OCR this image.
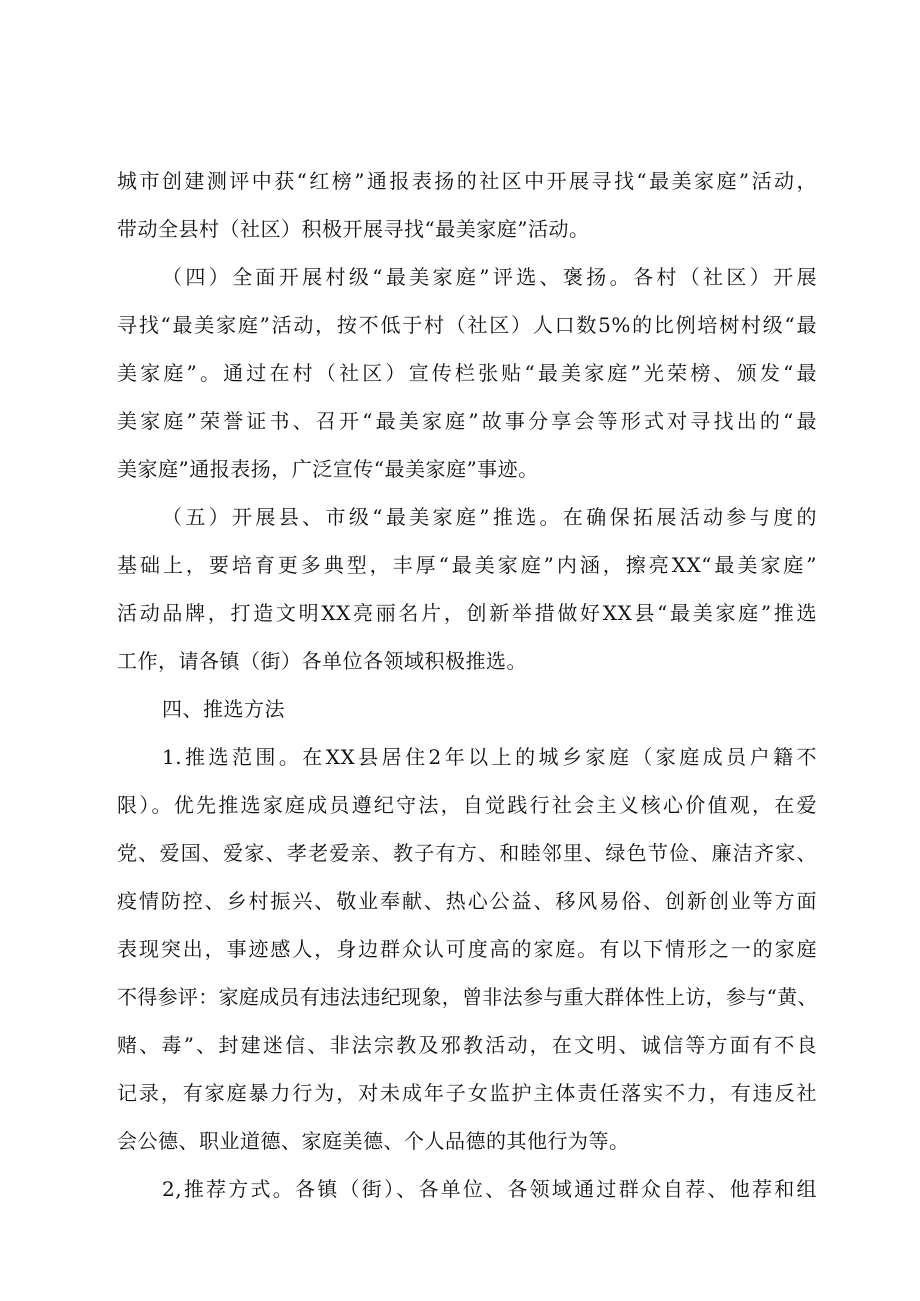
城市创建测评中获“红榜”通报表扬的社区中开展寻找“最美家庭”活动，
带动全县村（社区）积极开展寻找“最美家庭”活动。
（四）全面开展村级“最美家庭”评选、褒扬。各村（社区）开展
寻找“最美家庭”活动，按不低于村（社区）人口数5%的比例培树村级“最
美家庭”。通过在村（社区）宣传栏张贴“最美家庭”光荣榜、颁发“最
美家庭”荣誉证书、召开“最美家庭”故事分享会等形式对寻找出的“最
美家庭”通报表扬，广泛宣传“最美家庭”事迹。
（五）开展县、市级“最美家庭”推选。在确保拓展活动参与度的
基础上，要培育更多典型，丰厚“最美家庭”内涵，擦亮XX“最美家庭”
活动品牌，打造文明XX亮丽名片，创新举措做好XX县“最美家庭”推选
工作，请各镇（街）各单位各领域积极推选。
四、推选方法
1.推选范围。在XX县居住2年以上的城乡家庭（家庭成员户籍不
限）。优先推选家庭成员遵纪守法，自觉践行社会主义核心价值观，在爱
党、爱国、爱家、孝老爱亲、教子有方、和睦邻里、绿色节俭、廉洁齐家、
疫情防控、乡村振兴、敬业奉献、热心公益、移风易俗、创新创业等方面
表现突出，事迹感人，身边群众认可度高的家庭。有以下情形之一的家庭
不得参评：家庭成员有违法违纪现象，曾非法参与重大群体性上访，参与“黄、
赌、毒”、封建迷信、非法宗教及邪教活动，在文明、诚信等方面有不良
记录，有家庭暴力行为，对未成年子女监护主体责任落实不力，有违反社
会公德、职业道德、家庭美德、个人品德的其他行为等。
2,推荐方式。各镇（街）、各单位、各领域通过群众自荐、他荐和组
